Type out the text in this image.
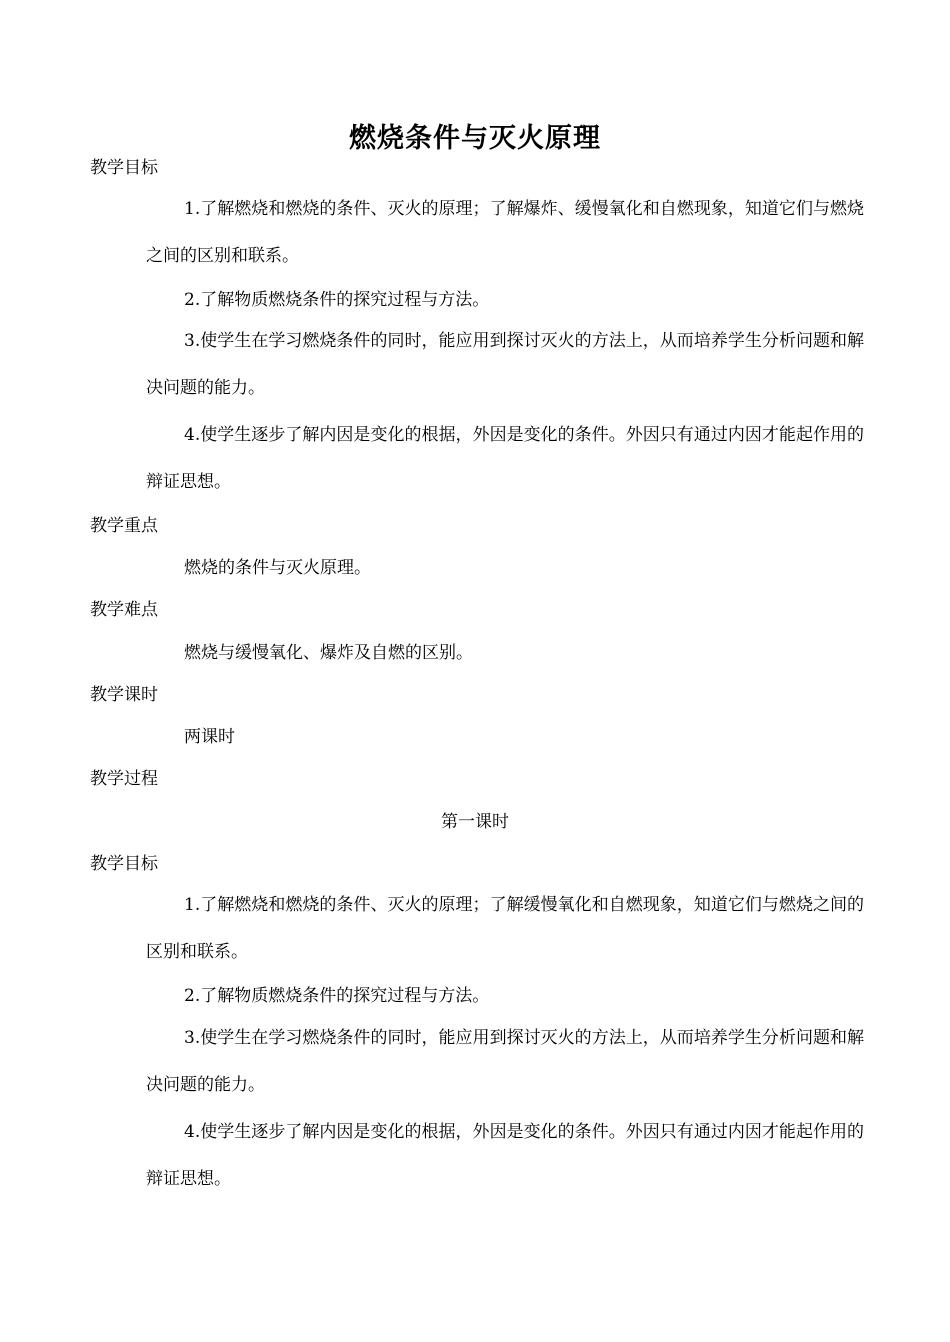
燃烧条件与灭火原理
教学目标
1.了解燃烧和燃烧的条件、灭火的原理；了解爆炸、缓慢氧化和自燃现象，知道它们与燃烧之间的区别和联系。
2.了解物质燃烧条件的探究过程与方法。
3.使学生在学习燃烧条件的同时，能应用到探讨灭火的方法上，从而培养学生分析问题和解决问题的能力。
4.使学生逐步了解内因是变化的根据，外因是变化的条件。外因只有通过内因才能起作用的辩证思想。
教学重点
燃烧的条件与灭火原理。
教学难点
燃烧与缓慢氧化、爆炸及自燃的区别。
教学课时
两课时
教学过程
第一课时
教学目标
1.了解燃烧和燃烧的条件、灭火的原理；了解缓慢氧化和自燃现象，知道它们与燃烧之间的区别和联系。
2.了解物质燃烧条件的探究过程与方法。
3.使学生在学习燃烧条件的同时，能应用到探讨灭火的方法上，从而培养学生分析问题和解决问题的能力。
4.使学生逐步了解内因是变化的根据，外因是变化的条件。外因只有通过内因才能起作用的辩证思想。
